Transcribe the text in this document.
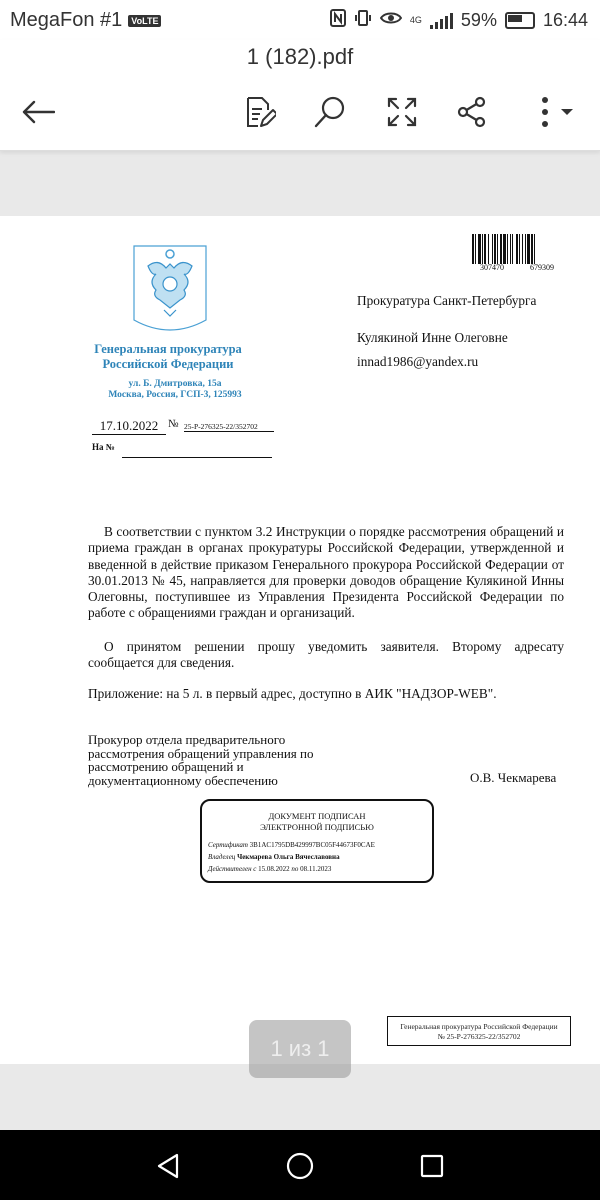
MegaFon #1	VoLTE	4G 59%	16:44
1 (182).pdf
Генеральная прокуратура
Российской Федерации
ул. Б. Дмитровка, 15а
Москва, Россия, ГСП-3, 125993
17.10.2022 № 25-Р-276325-22/352702
На №
307470	679309
Прокуратура Санкт-Петербурга
Кулякиной Инне Олеговне
innad1986@yandex.ru
В соответствии с пунктом 3.2 Инструкции о порядке рассмотрения обращений и приема граждан в органах прокуратуры Российской Федерации, утвержденной и введенной в действие приказом Генерального прокурора Российской Федерации от 30.01.2013 № 45, направляется для проверки доводов обращение Кулякиной Инны Олеговны, поступившее из Управления Президента Российской Федерации по работе с обращениями граждан и организаций.
О принятом решении прошу уведомить заявителя. Второму адресату сообщается для сведения.
Приложение: на 5 л. в первый адрес, доступно в АИК "НАДЗОР-WEB".
Прокурор отдела предварительного
рассмотрения обращений управления по
рассмотрению обращений и
документационному обеспечению	О.В. Чекмарева
ДОКУМЕНТ ПОДПИСАН
ЭЛЕКТРОННОЙ ПОДПИСЬЮ
Сертификат 3B1AC1795DB429997BC05F44673F0CAE
Владелец Чекмарева Ольга Вячеславовна
Действителен с 15.08.2022 по 08.11.2023
Генеральная прокуратура Российской Федерации
№ 25-Р-276325-22/352702
1 из 1
